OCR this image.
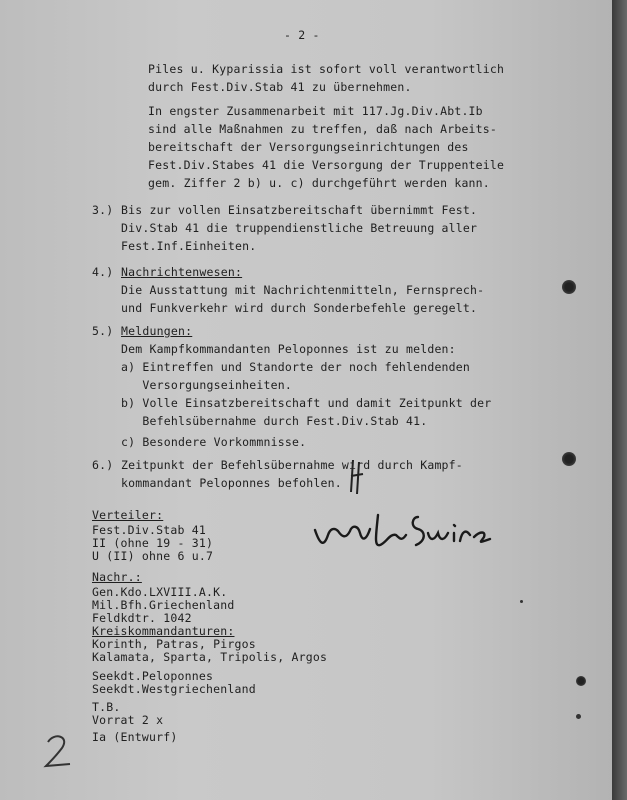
- 2 -
Piles u. Kyparissia ist sofort voll verantwortlich
durch Fest.Div.Stab 41 zu übernehmen.
In engster Zusammenarbeit mit 117.Jg.Div.Abt.Ib
sind alle Maßnahmen zu treffen, daß nach Arbeits-
bereitschaft der Versorgungseinrichtungen des
Fest.Div.Stabes 41 die Versorgung der Truppenteile
gem. Ziffer 2 b) u. c) durchgeführt werden kann.
3.) Bis zur vollen Einsatzbereitschaft übernimmt Fest.
Div.Stab 41 die truppendienstliche Betreuung aller
Fest.Inf.Einheiten.
4.) Nachrichtenwesen:
Die Ausstattung mit Nachrichtenmitteln, Fernsprech-
und Funkverkehr wird durch Sonderbefehle geregelt.
5.) Meldungen:
Dem Kampfkommandanten Peloponnes ist zu melden:
a) Eintreffen und Standorte der noch fehlendenden
Versorgungseinheiten.
b) Volle Einsatzbereitschaft und damit Zeitpunkt der
Befehlsübernahme durch Fest.Div.Stab 41.
c) Besondere Vorkommnisse.
6.) Zeitpunkt der Befehlsübernahme wird durch Kampf-
kommandant Peloponnes befohlen.
Verteiler:
Fest.Div.Stab 41
II (ohne 19 - 31)
U (II) ohne 6 u.7
Nachr.:
Gen.Kdo.LXVIII.A.K.
Mil.Bfh.Griechenland
Feldkdtr. 1042
Kreiskommandanturen:
Korinth, Patras, Pirgos
Kalamata, Sparta, Tripolis, Argos
Seekdt.Peloponnes
Seekdt.Westgriechenland
T.B.
Vorrat 2 x
Ia (Entwurf)
